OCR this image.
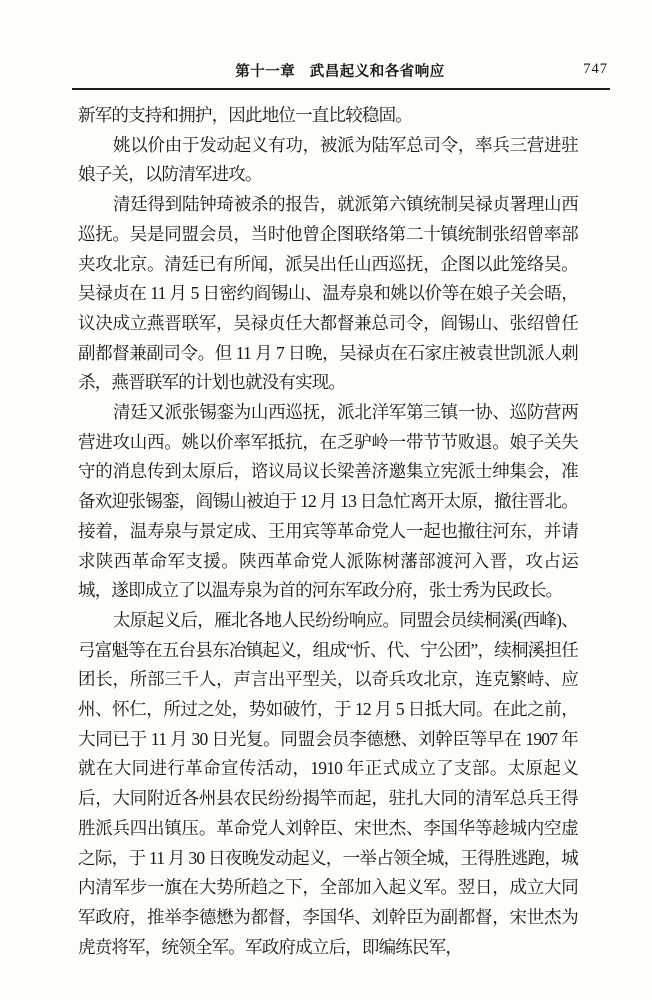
第十一章 武昌起义和各省响应	747

新军的支持和拥护，因此地位一直比较稳固。

姚以价由于发动起义有功，被派为陆军总司令，率兵三营进驻娘子关，以防清军进攻。

清廷得到陆钟琦被杀的报告，就派第六镇统制吴禄贞署理山西巡抚。吴是同盟会员，当时他曾企图联络第二十镇统制张绍曾率部夹攻北京。清廷已有所闻，派吴出任山西巡抚，企图以此笼络吴。吴禄贞在 11 月 5 日密约阎锡山、温寿泉和姚以价等在娘子关会晤，议决成立燕晋联军，吴禄贞任大都督兼总司令，阎锡山、张绍曾任副都督兼副司令。但 11 月 7 日晚，吴禄贞在石家庄被袁世凯派人刺杀，燕晋联军的计划也就没有实现。

清廷又派张锡銮为山西巡抚，派北洋军第三镇一协、巡防营两营进攻山西。姚以价率军抵抗，在乏驴岭一带节节败退。娘子关失守的消息传到太原后，谘议局议长梁善济邀集立宪派士绅集会，准备欢迎张锡銮，阎锡山被迫于 12 月 13 日急忙离开太原，撤往晋北。接着，温寿泉与景定成、王用宾等革命党人一起也撤往河东，并请求陕西革命军支援。陕西革命党人派陈树藩部渡河入晋，攻占运城，遂即成立了以温寿泉为首的河东军政分府，张士秀为民政长。

太原起义后，雁北各地人民纷纷响应。同盟会员续桐溪(西峰)、弓富魁等在五台县东冶镇起义，组成“忻、代、宁公团”，续桐溪担任团长，所部三千人，声言出平型关，以奇兵攻北京，连克繁峙、应州、怀仁，所过之处，势如破竹，于 12 月 5 日抵大同。在此之前，大同已于 11 月 30 日光复。同盟会员李德懋、刘幹臣等早在 1907 年就在大同进行革命宣传活动，1910 年正式成立了支部。太原起义后，大同附近各州县农民纷纷揭竿而起，驻扎大同的清军总兵王得胜派兵四出镇压。革命党人刘幹臣、宋世杰、李国华等趁城内空虚之际，于 11 月 30 日夜晚发动起义，一举占领全城，王得胜逃跑，城内清军步一旗在大势所趋之下，全部加入起义军。翌日，成立大同军政府，推举李德懋为都督，李国华、刘幹臣为副都督，宋世杰为虎贲将军，统领全军。军政府成立后，即编练民军，
